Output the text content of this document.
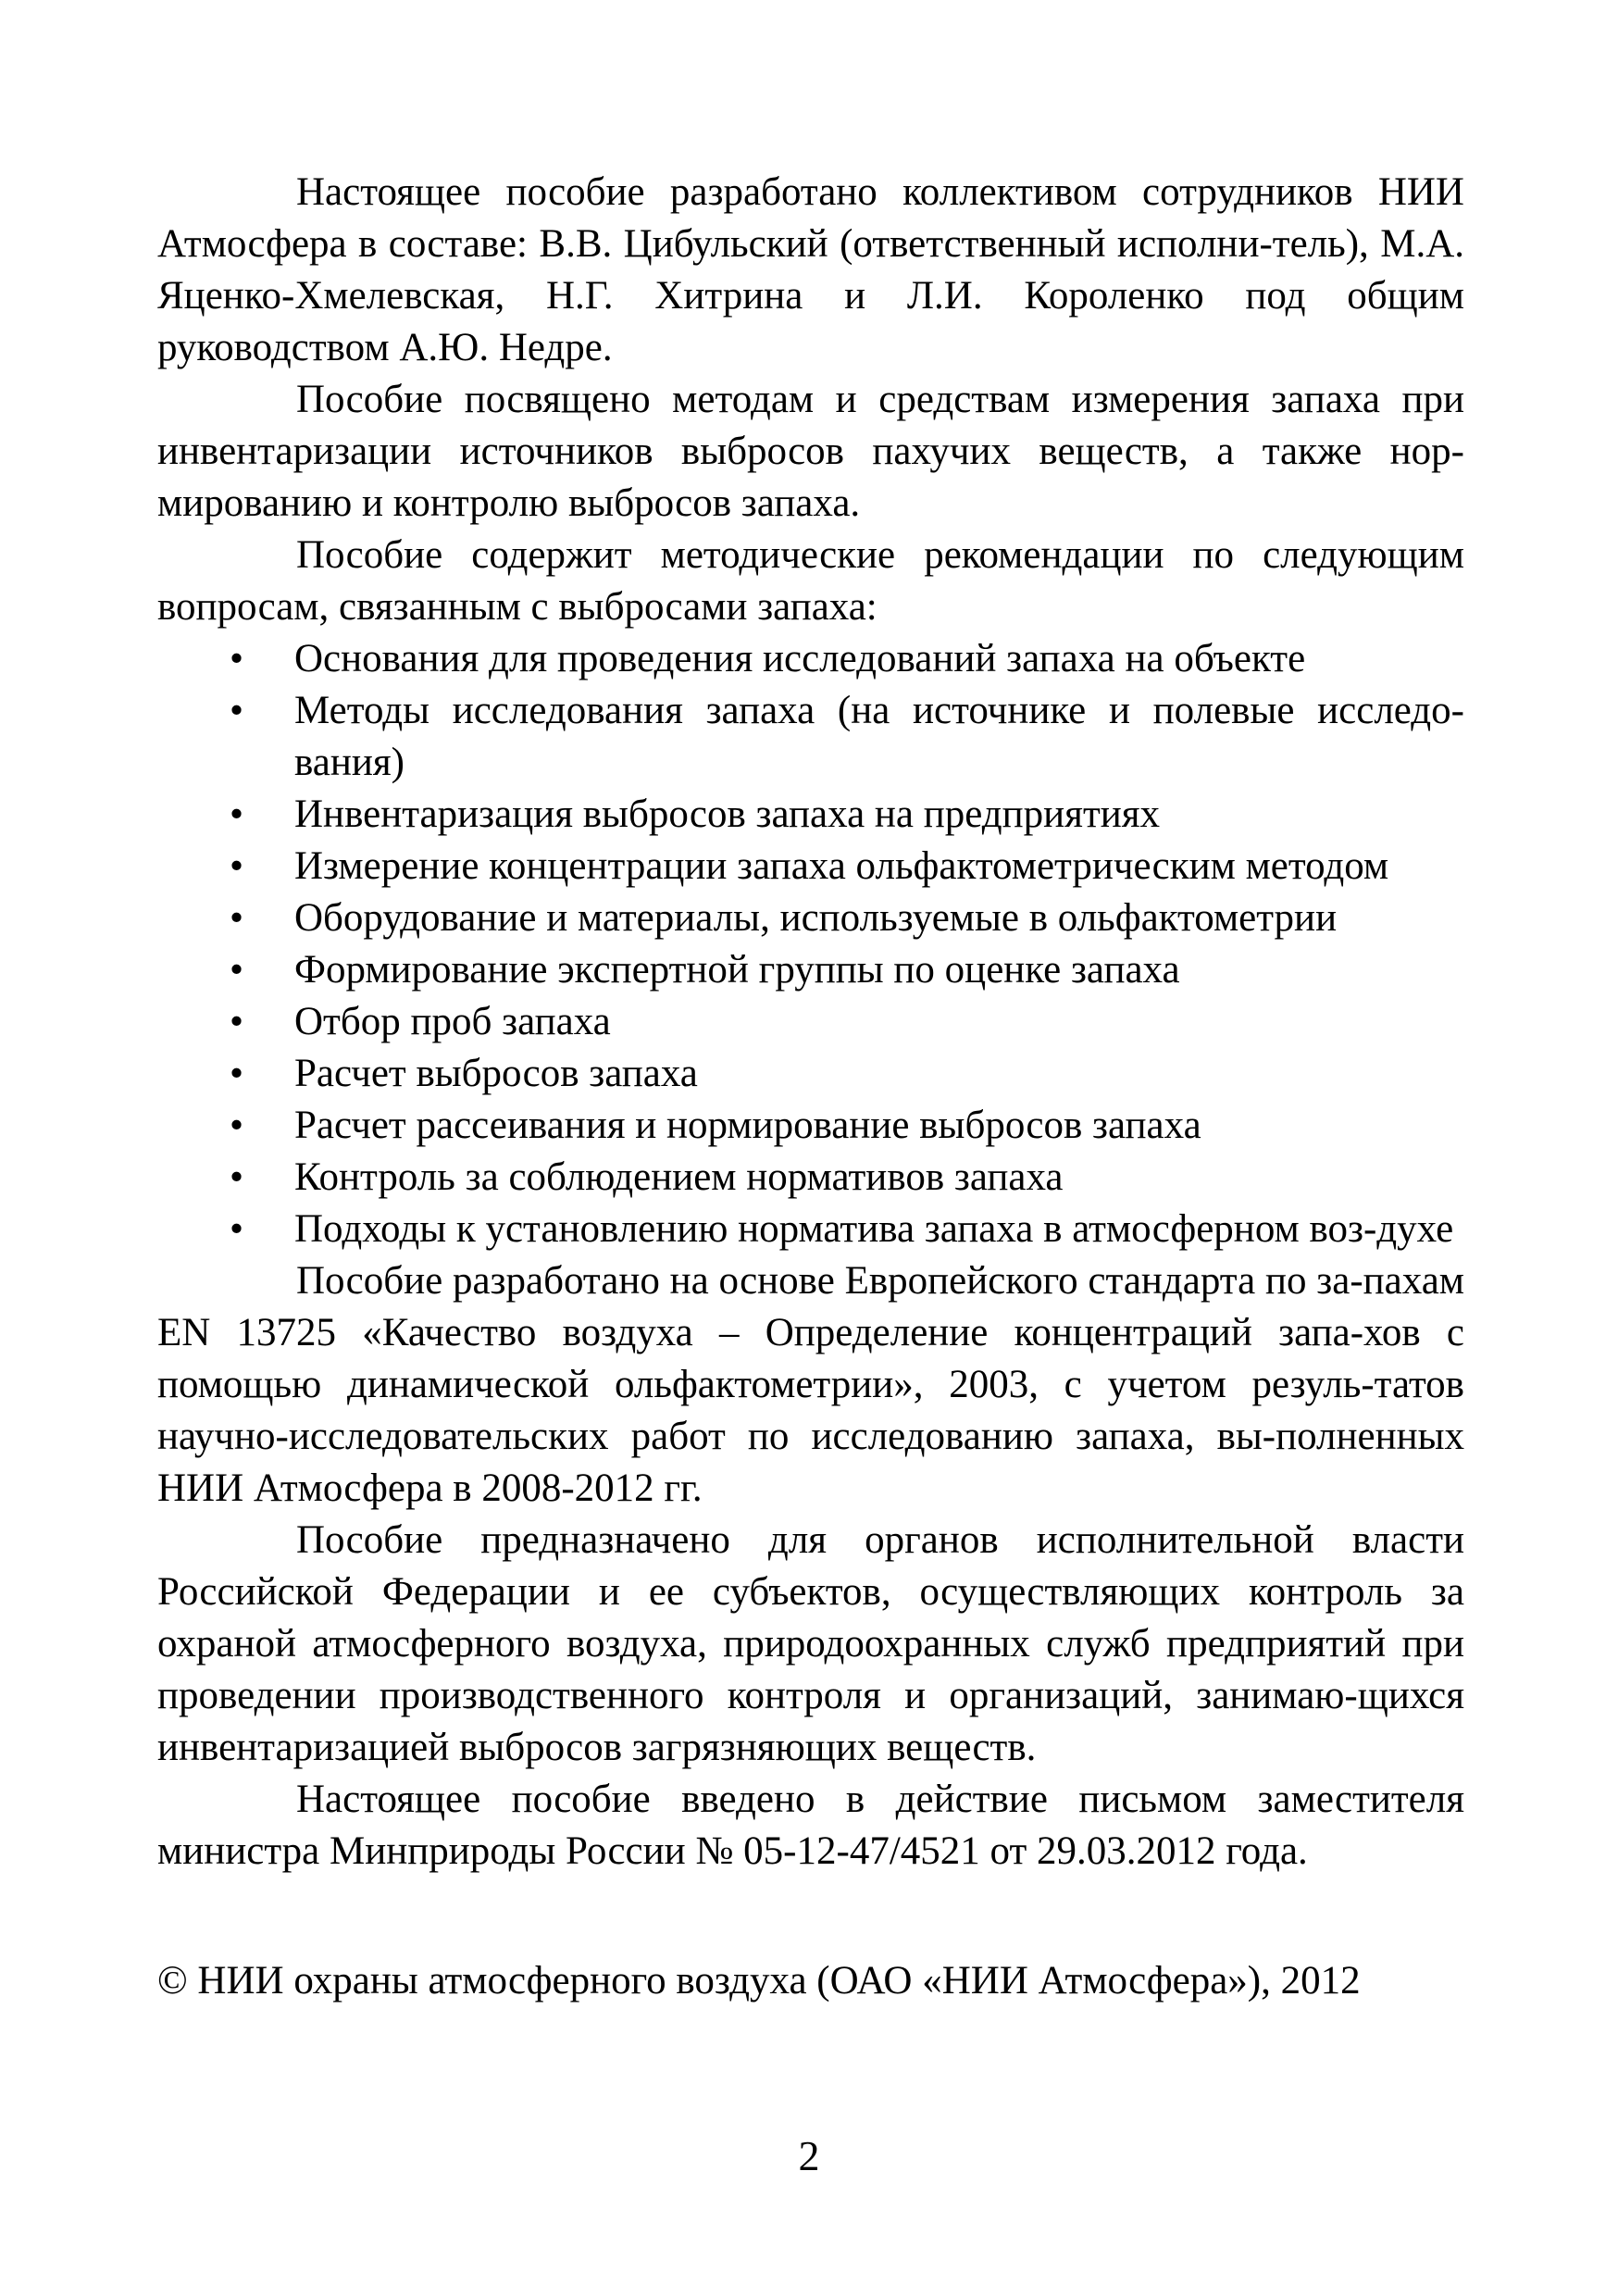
Настоящее пособие разработано коллективом сотрудников НИИ Атмосфера в составе: В.В. Цибульский (ответственный исполни-тель), М.А. Яценко-Хмелевская, Н.Г. Хитрина и Л.И. Короленко под общим руководством А.Ю. Недре.

Пособие посвящено методам и средствам измерения запаха при инвентаризации источников выбросов пахучих веществ, а также нор-мированию и контролю выбросов запаха.

Пособие содержит методические рекомендации по следующим вопросам, связанным с выбросами запаха:

• Основания для проведения исследований запаха на объекте
• Методы исследования запаха (на источнике и полевые исследо-вания)
• Инвентаризация выбросов запаха на предприятиях
• Измерение концентрации запаха ольфактометрическим методом
• Оборудование и материалы, используемые в ольфактометрии
• Формирование экспертной группы по оценке запаха
• Отбор проб запаха
• Расчет выбросов запаха
• Расчет рассеивания и нормирование выбросов запаха
• Контроль за соблюдением нормативов запаха
• Подходы к установлению норматива запаха в атмосферном воз-духе

Пособие разработано на основе Европейского стандарта по за-пахам EN 13725 «Качество воздуха – Определение концентраций запа-хов с помощью динамической ольфактометрии», 2003, с учетом резуль-татов научно-исследовательских работ по исследованию запаха, вы-полненных НИИ Атмосфера в 2008-2012 гг.

Пособие предназначено для органов исполнительной власти Российской Федерации и ее субъектов, осуществляющих контроль за охраной атмосферного воздуха, природоохранных служб предприятий при проведении производственного контроля и организаций, занимаю-щихся инвентаризацией выбросов загрязняющих веществ.

Настоящее пособие введено в действие письмом заместителя министра Минприроды России № 05-12-47/4521 от 29.03.2012 года.

© НИИ охраны атмосферного воздуха (ОАО «НИИ Атмосфера»), 2012
2
